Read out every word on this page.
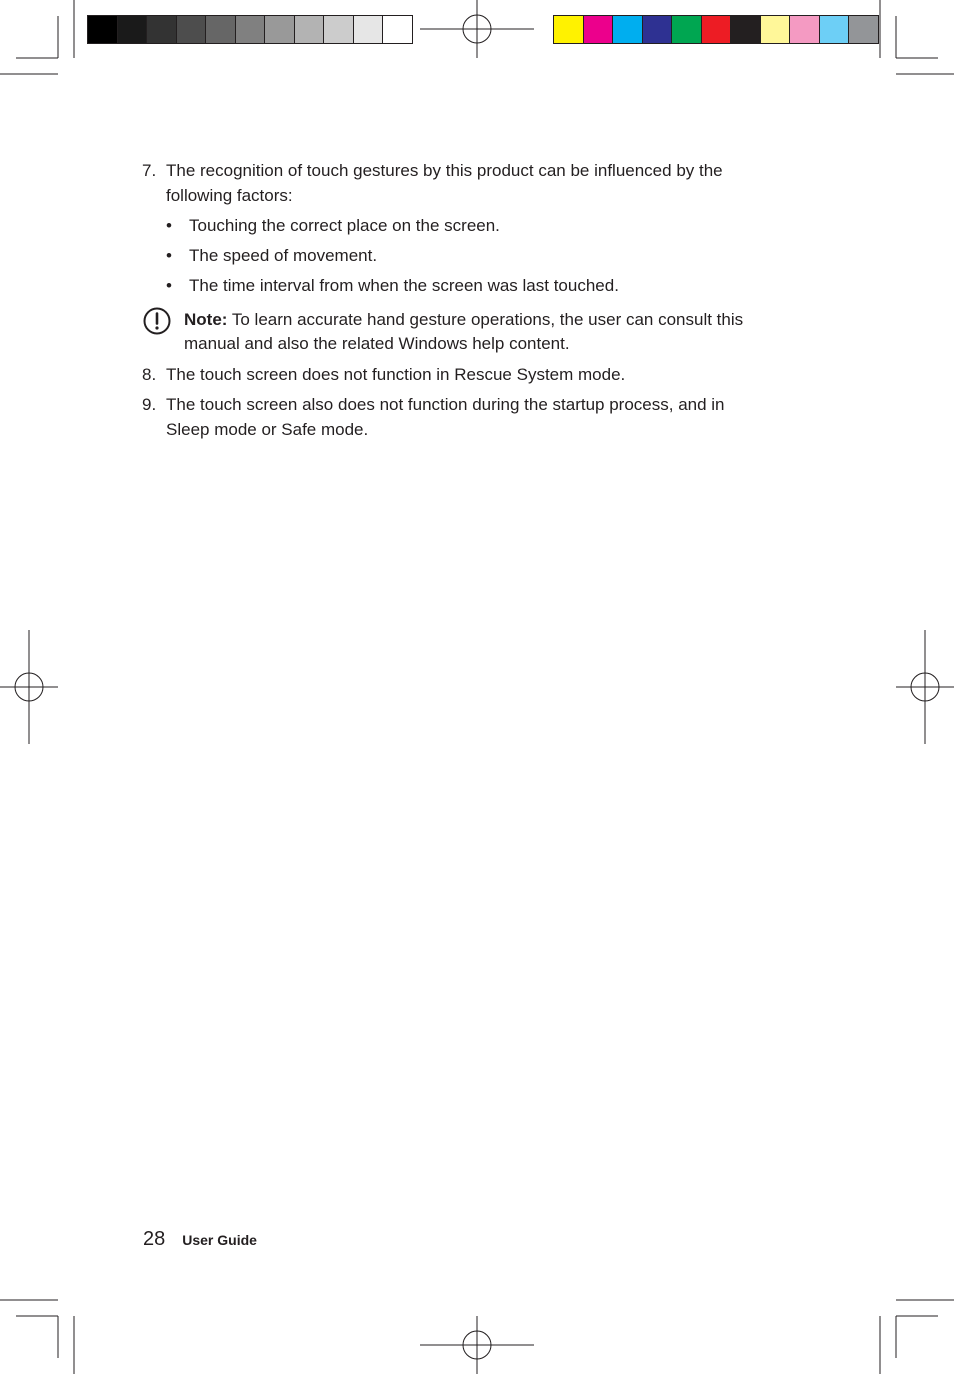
7. The recognition of touch gestures by this product can be influenced by the following factors:
•	Touching the correct place on the screen.
•	The speed of movement.
•	The time interval from when the screen was last touched.
Note: To learn accurate hand gesture operations, the user can consult this manual and also the related Windows help content.
8. The touch screen does not function in Rescue System mode.
9. The touch screen also does not function during the startup process, and in Sleep mode or Safe mode.
28 User Guide
